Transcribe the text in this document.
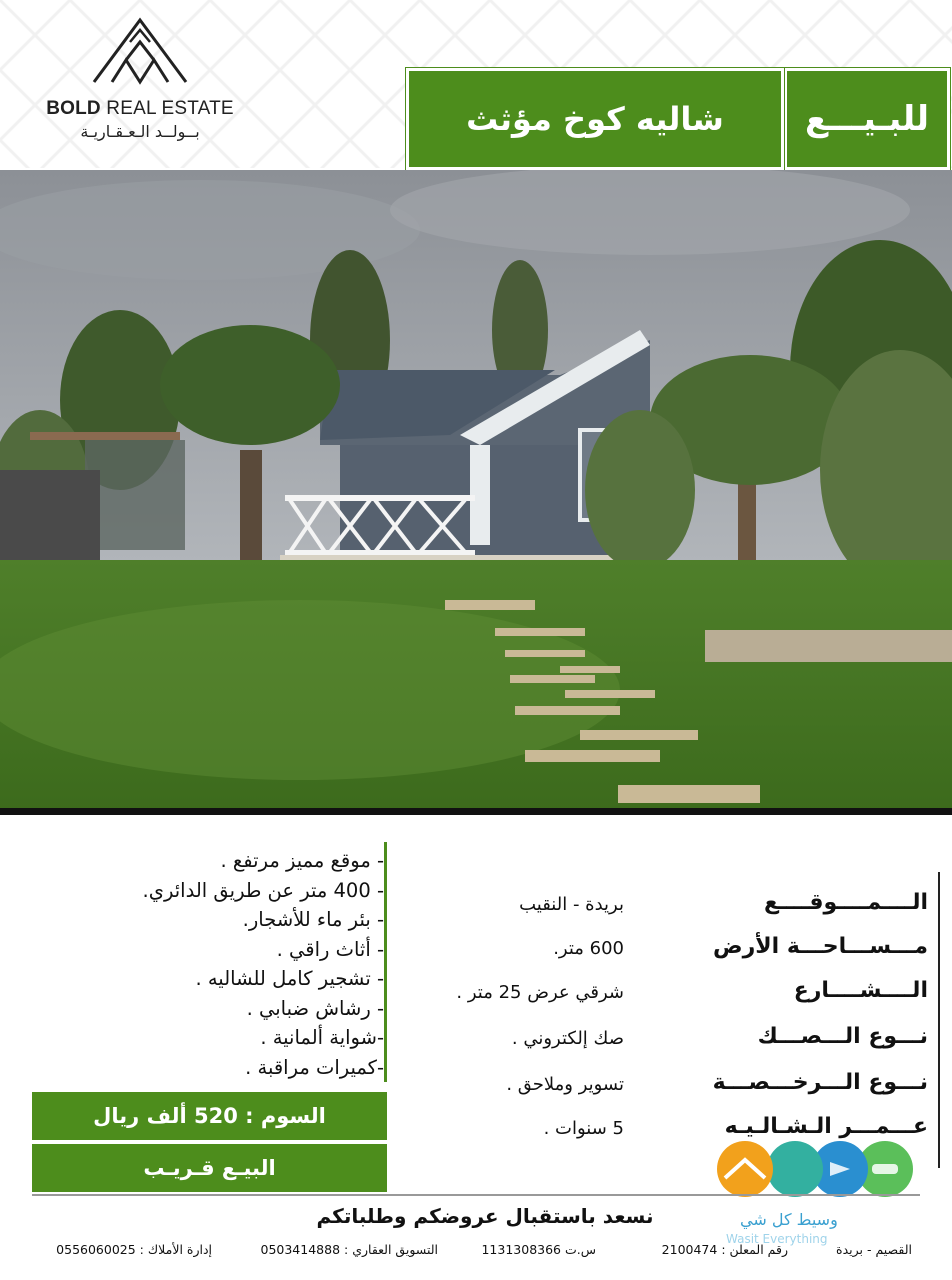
BOLD REAL ESTATE
بــولــد الـعـقـاريـة	للبـيـــع
شاليه كوخ مؤثث
- موقع مميز مرتفع .
- 400 متر عن طريق الدائري.
- بئر ماء للأشجار.
- أثاث راقي .
- تشجير كامل للشاليه .
- رشاش ضبابي .
-شواية ألمانية .
-كميرات مراقبة .
الــــمــــوقــــع
بريدة - النقيب
مـــســـاحـــة الأرض
600 متر.
الــــشــــارع
شرقي عرض 25 متر .
نـــوع الـــصـــك
صك إلكتروني .
نـــوع الـــرخـــصـــة
تسوير وملاحق .
عـــمـــر الـشـالـيـه
5 سنوات .
السوم : 520 ألف ريال
البيـع قـريـب
وسيط كل شي
Wasit Everything
نسعد باستقبال عروضكم وطلباتكم
القصيم - بريدة
رقم المعلن : 2100474
س.ت 1131308366
التسويق العقاري : 0503414888
إدارة الأملاك : 0556060025
